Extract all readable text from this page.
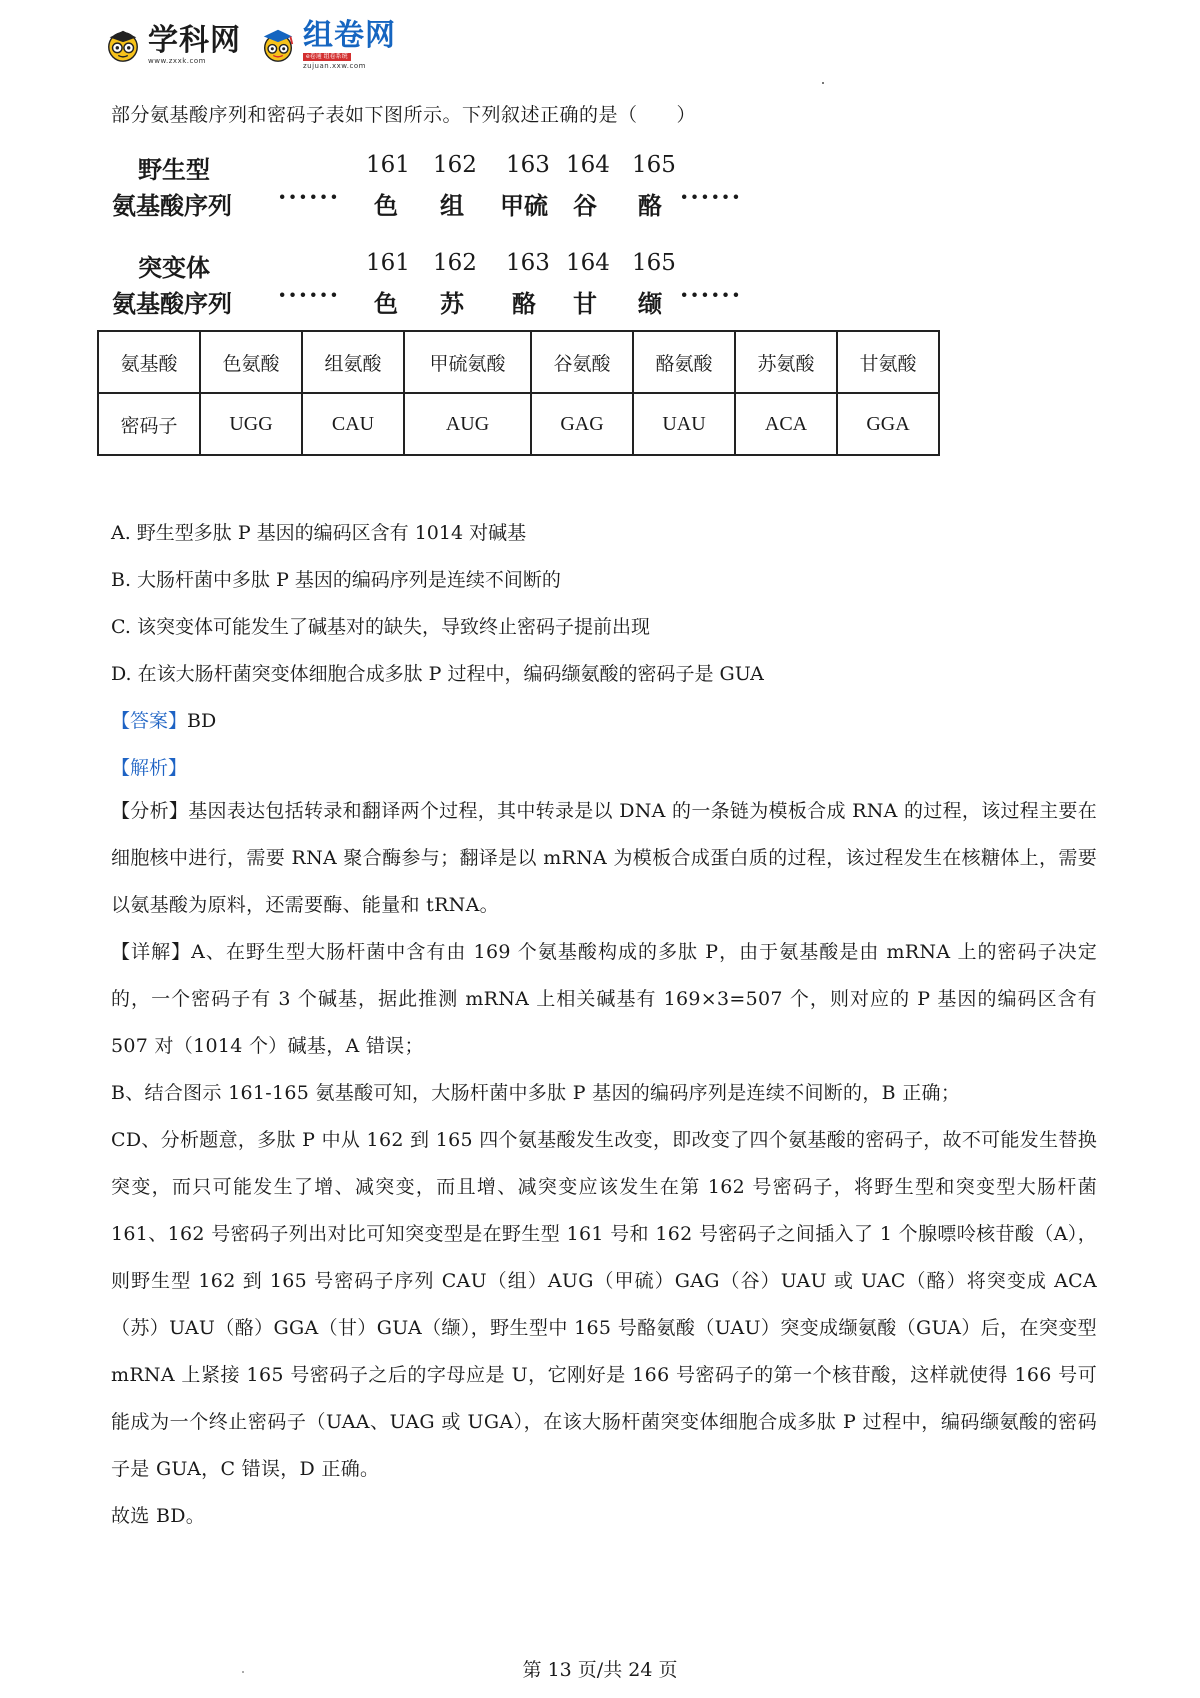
学科网
www.zxxk.com
组卷网
e卷通 组卷系统
zujuan.xxw.com
部分氨基酸序列和密码子表如下图所示。下列叙述正确的是（　　）
野生型	161 162 163 164 165
氨基酸序列 ······ 色 组 甲硫 谷 酪 ······
突变体	161 162 163 164 165
氨基酸序列 ······ 色 苏 酪 甘 缬 ······
氨基酸	色氨酸	组氨酸	甲硫氨酸	谷氨酸	酪氨酸	苏氨酸	甘氨酸
密码子	UGG	CAU	AUG	GAG	UAU	ACA	GGA
A. 野生型多肽 P 基因的编码区含有 1014 对碱基
B. 大肠杆菌中多肽 P 基因的编码序列是连续不间断的
C. 该突变体可能发生了碱基对的缺失，导致终止密码子提前出现
D. 在该大肠杆菌突变体细胞合成多肽 P 过程中，编码缬氨酸的密码子是 GUA
【答案】BD
【解析】

【分析】基因表达包括转录和翻译两个过程，其中转录是以 DNA 的一条链为模板合成 RNA 的过程，该过程主要在细胞核中进行，需要 RNA 聚合酶参与；翻译是以 mRNA 为模板合成蛋白质的过程，该过程发生在核糖体上，需要以氨基酸为原料，还需要酶、能量和 tRNA。

【详解】A、在野生型大肠杆菌中含有由 169 个氨基酸构成的多肽 P，由于氨基酸是由 mRNA 上的密码子决定的，一个密码子有 3 个碱基，据此推测 mRNA 上相关碱基有 169×3=507 个，则对应的 P 基因的编码区含有 507 对（1014 个）碱基，A 错误；

B、结合图示 161-165 氨基酸可知，大肠杆菌中多肽 P 基因的编码序列是连续不间断的，B 正确；

CD、分析题意，多肽 P 中从 162 到 165 四个氨基酸发生改变，即改变了四个氨基酸的密码子，故不可能发生替换突变，而只可能发生了增、减突变，而且增、减突变应该发生在第 162 号密码子，将野生型和突变型大肠杆菌 161、162 号密码子列出对比可知突变型是在野生型 161 号和 162 号密码子之间插入了 1 个腺嘌呤核苷酸（A），则野生型 162 到 165 号密码子序列 CAU（组）AUG（甲硫）GAG（谷）UAU 或 UAC（酪）将突变成 ACA（苏）UAU（酪）GGA（甘）GUA（缬），野生型中 165 号酪氨酸（UAU）突变成缬氨酸（GUA）后，在突变型 mRNA 上紧接 165 号密码子之后的字母应是 U，它刚好是 166 号密码子的第一个核苷酸，这样就使得 166 号可能成为一个终止密码子（UAA、UAG 或 UGA），在该大肠杆菌突变体细胞合成多肽 P 过程中，编码缬氨酸的密码子是 GUA，C 错误，D 正确。

故选 BD。

第 13 页/共 24 页
